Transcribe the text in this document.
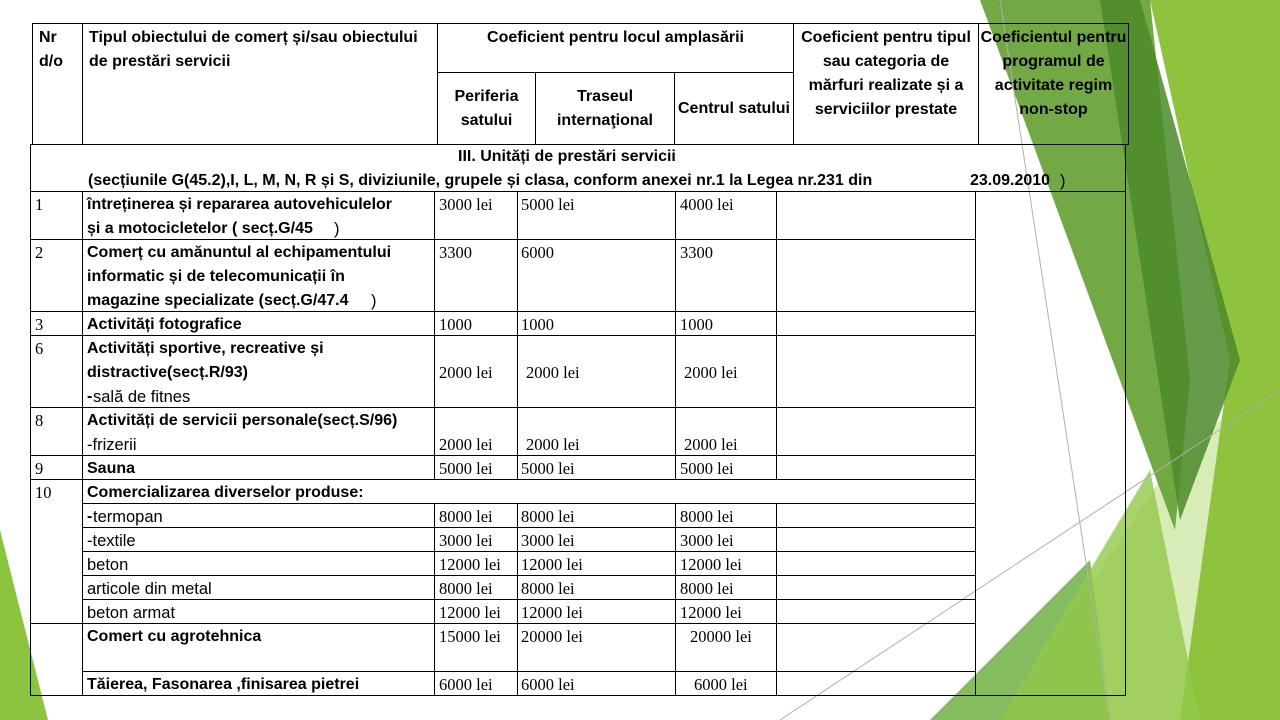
Nr d/o
Tipul obiectului de comerț și/sau obiectului de prestări servicii
Coeficient pentru locul amplasării
Periferia satului
Traseul internaţional
Centrul satului
Coeficient pentru tipul sau categoria de mărfuri realizate și a serviciilor prestate
Coeficientul pentru programul de activitate regim non-stop
III. Unități de prestări servicii
(secțiunile G(45.2),I, L, M, N, R și S, diviziunile, grupele și clasa, conform anexei nr.1 la Legea nr.231 din	23.09.2010 )
1	întreținerea și repararea autovehiculelor
și a motocicletelor ( secț.G/45 )
3000 lei 5000 lei	4000 lei
2	Comerț cu amănuntul al echipamentului
informatic și de telecomunicații în
magazine specializate (secț.G/47.4 )
3300	6000	3300
3	Activități fotografice	1000	1000	1000
6	Activități sportive, recreative și
distractive(secț.R/93)
- sală de fitnes
2000 lei 2000 lei	2000 lei
8	Activități de servicii personale(secț.S/96)
-frizerii	2000 lei 2000 lei	2000 lei
9	Sauna	5000 lei 5000 lei	5000 lei
10 Comercializarea diverselor produse:
- termopan	8000 lei 8000 lei	8000 lei
-textile	3000 lei 3000 lei	3000 lei
beton	12000 lei 12000 lei	12000 lei
articole din metal	8000 lei 8000 lei	8000 lei
beton armat	12000 lei 12000 lei	12000 lei
Comert cu agrotehnica	15000 lei 20000 lei	20000 lei
Tăierea, Fasonarea ,finisarea pietrei	6000 lei 6000 lei	6000 lei
